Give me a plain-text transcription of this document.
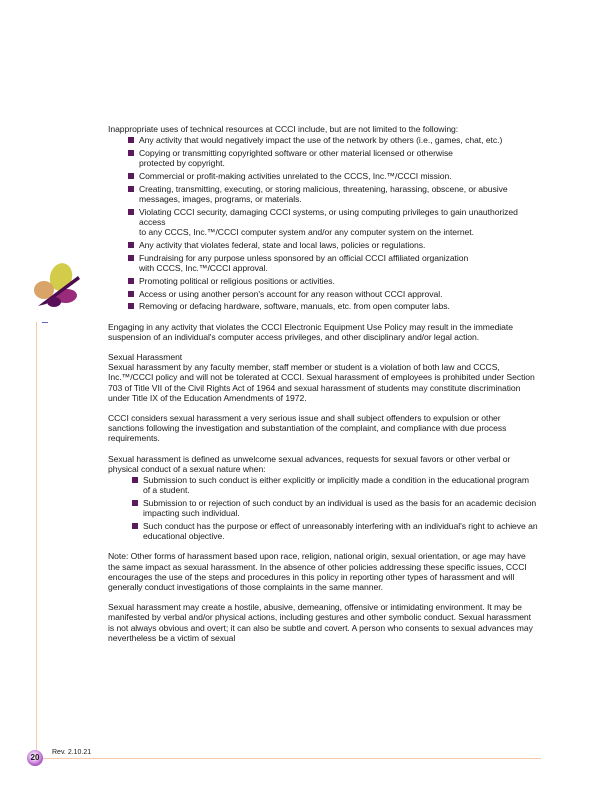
Inappropriate uses of technical resources at CCCI include, but are not limited to the following:

Any activity that would negatively impact the use of the network by others (i.e., games, chat, etc.)
Copying or transmitting copyrighted software or other material licensed or otherwise
protected by copyright.
Commercial or profit-making activities unrelated to the CCCS, Inc.™/CCCI mission.
Creating, transmitting, executing, or storing malicious, threatening, harassing, obscene, or abusive messages, images, programs, or materials.
Violating CCCI security, damaging CCCI systems, or using computing privileges to gain unauthorized access
to any CCCS, Inc.™/CCCI computer system and/or any computer system on the internet.
Any activity that violates federal, state and local laws, policies or regulations.
Fundraising for any purpose unless sponsored by an official CCCI affiliated organization
with CCCS, Inc.™/CCCI approval.
Promoting political or religious positions or activities.
Access or using another person's account for any reason without CCCI approval.
Removing or defacing hardware, software, manuals, etc. from open computer labs.

Engaging in any activity that violates the CCCI Electronic Equipment Use Policy may result in the immediate suspension of an individual's computer access privileges, and other disciplinary and/or legal action.

Sexual Harassment

Sexual harassment by any faculty member, staff member or student is a violation of both law and CCCS, Inc.™/CCCI policy and will not be tolerated at CCCI. Sexual harassment of employees is prohibited under Section 703 of Title VII of the Civil Rights Act of 1964 and sexual harassment of students may constitute discrimination under Title IX of the Education Amendments of 1972.

CCCI considers sexual harassment a very serious issue and shall subject offenders to expulsion or other sanctions following the investigation and substantiation of the complaint, and compliance with due process requirements.

Sexual harassment is defined as unwelcome sexual advances, requests for sexual favors or other verbal or physical conduct of a sexual nature when:

Submission to such conduct is either explicitly or implicitly made a condition in the educational program of a student.
Submission to or rejection of such conduct by an individual is used as the basis for an academic decision impacting such individual.
Such conduct has the purpose or effect of unreasonably interfering with an individual's right to achieve an educational objective.

Note: Other forms of harassment based upon race, religion, national origin, sexual orientation, or age may have the same impact as sexual harassment. In the absence of other policies addressing these specific issues, CCCI encourages the use of the steps and procedures in this policy in reporting other types of harassment and will generally conduct investigations of those complaints in the same manner.

Sexual harassment may create a hostile, abusive, demeaning, offensive or intimidating environment. It may be manifested by verbal and/or physical actions, including gestures and other symbolic conduct. Sexual harassment is not always obvious and overt; it can also be subtle and covert. A person who consents to sexual advances may nevertheless be a victim of sexual

20
Rev. 2.10.21
